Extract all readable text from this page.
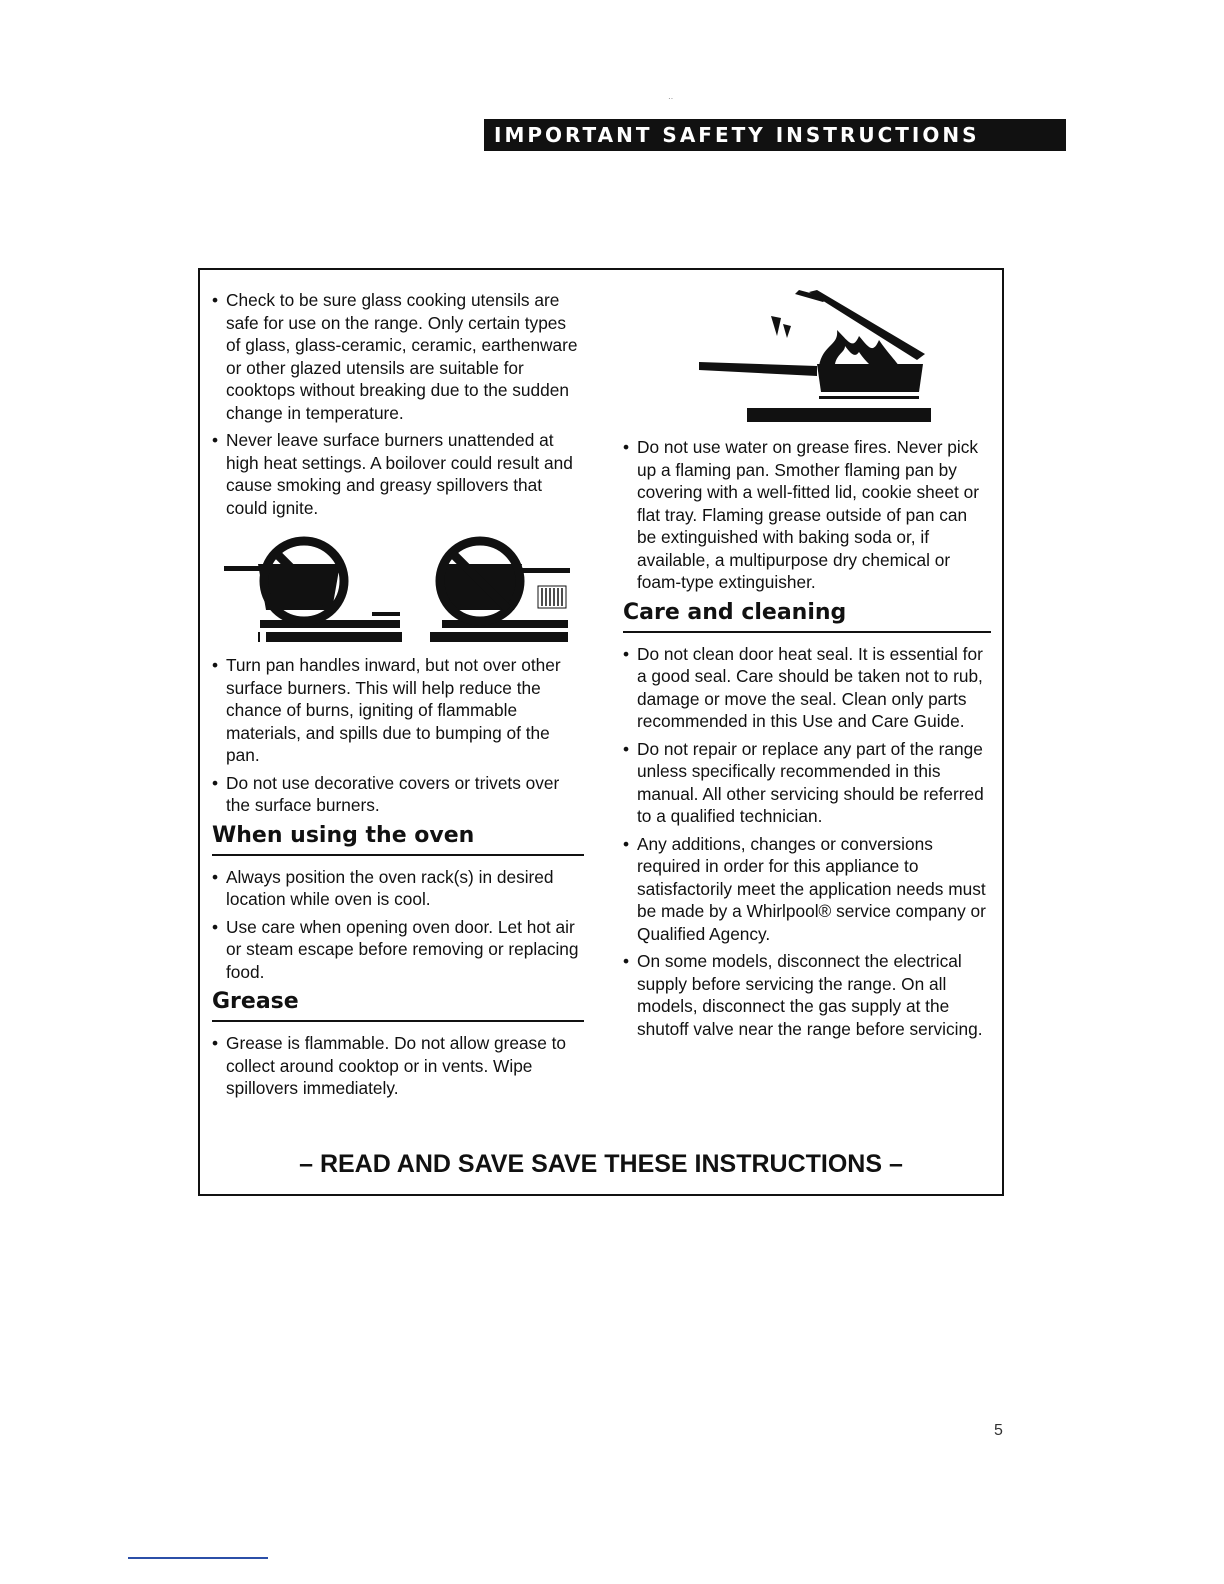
··
IMPORTANT SAFETY INSTRUCTIONS

• Check to be sure glass cooking utensils are safe for use on the range. Only certain types of glass, glass-ceramic, ceramic, earthenware or other glazed utensils are suitable for cooktops without breaking due to the sudden change in temperature.

• Never leave surface burners unattended at high heat settings. A boilover could result and cause smoking and greasy spillovers that could ignite.

• Turn pan handles inward, but not over other surface burners. This will help reduce the chance of burns, igniting of flammable materials, and spills due to bumping of the pan.

• Do not use decorative covers or trivets over the surface burners.

When using the oven

• Always position the oven rack(s) in desired location while oven is cool.

• Use care when opening oven door. Let hot air or steam escape before removing or replacing food.

Grease

• Grease is flammable. Do not allow grease to collect around cooktop or in vents. Wipe spillovers immediately.

• Do not use water on grease fires. Never pick up a flaming pan. Smother flaming pan by covering with a well-fitted lid, cookie sheet or flat tray. Flaming grease outside of pan can be extinguished with baking soda or, if available, a multipurpose dry chemical or foam-type extinguisher.

Care and cleaning

• Do not clean door heat seal. It is essential for a good seal. Care should be taken not to rub, damage or move the seal. Clean only parts recommended in this Use and Care Guide.

• Do not repair or replace any part of the range unless specifically recommended in this manual. All other servicing should be referred to a qualified technician.

• Any additions, changes or conversions required in order for this appliance to satisfactorily meet the application needs must be made by a Whirlpool® service company or Qualified Agency.

• On some models, disconnect the electrical supply before servicing the range. On all models, disconnect the gas supply at the shutoff valve near the range before servicing.

– READ AND SAVE SAVE THESE INSTRUCTIONS –
5
